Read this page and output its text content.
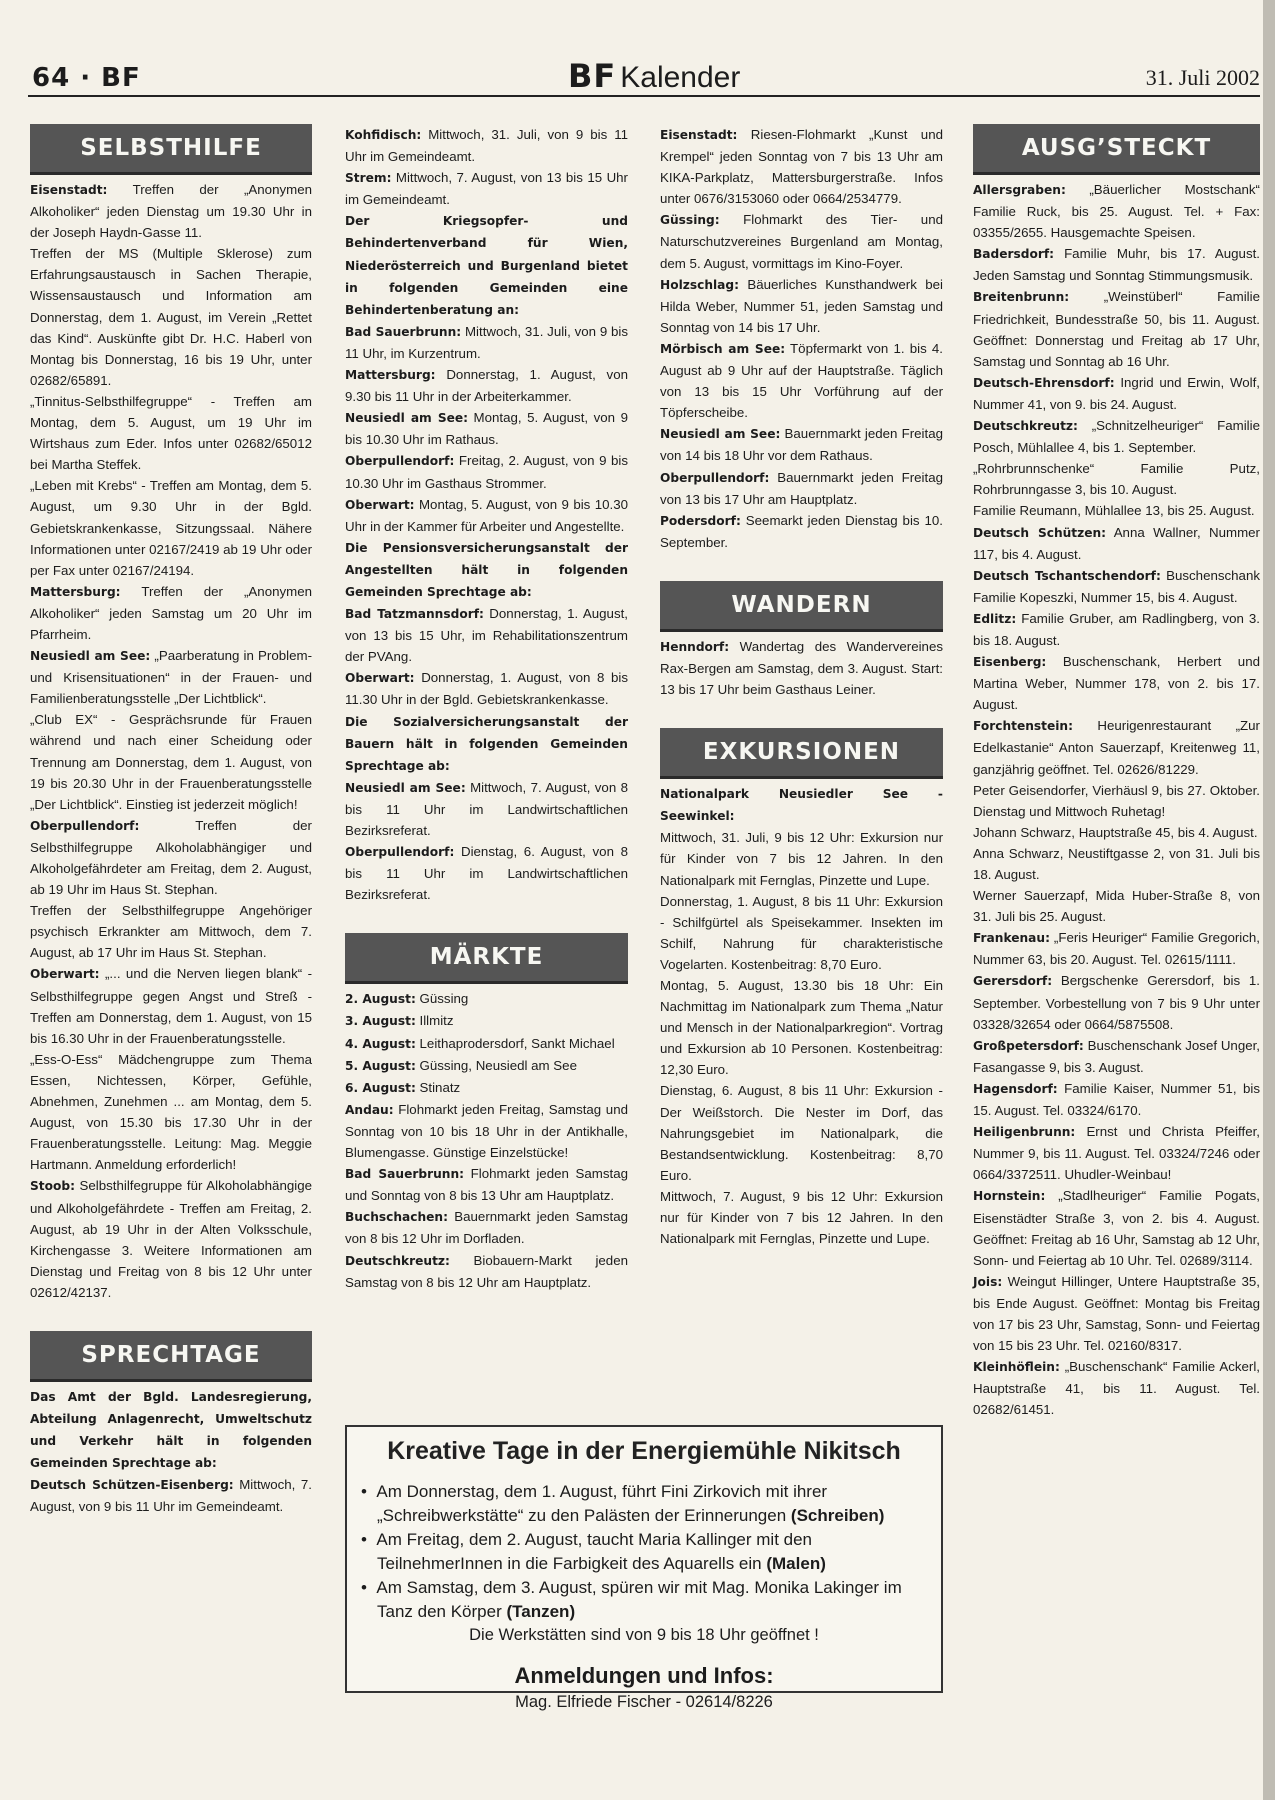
64 · BF	BF Kalender	31. Juli 2002
SELBSTHILFE

Eisenstadt: Treffen der „Anonymen Alkoholiker“ jeden Dienstag um 19.30 Uhr in der Joseph Haydn-Gasse 11.

Treffen der MS (Multiple Sklerose) zum Erfahrungsaustausch in Sachen Therapie, Wissensaustausch und Information am Donnerstag, dem 1. August, im Verein „Rettet das Kind“. Auskünfte gibt Dr. H.C. Haberl von Montag bis Donnerstag, 16 bis 19 Uhr, unter 02682/65891.

„Tinnitus-Selbsthilfegruppe“ - Treffen am Montag, dem 5. August, um 19 Uhr im Wirtshaus zum Eder. Infos unter 02682/65012 bei Martha Steffek.

„Leben mit Krebs“ - Treffen am Montag, dem 5. August, um 9.30 Uhr in der Bgld. Gebietskrankenkasse, Sitzungssaal. Nähere Informationen unter 02167/2419 ab 19 Uhr oder per Fax unter 02167/24194.

Mattersburg: Treffen der „Anonymen Alkoholiker“ jeden Samstag um 20 Uhr im Pfarrheim.

Neusiedl am See: „Paarberatung in Problem- und Krisensituationen“ in der Frauen- und Familienberatungsstelle „Der Lichtblick“.

„Club EX“ - Gesprächsrunde für Frauen während und nach einer Scheidung oder Trennung am Donnerstag, dem 1. August, von 19 bis 20.30 Uhr in der Frauenberatungsstelle „Der Lichtblick“. Einstieg ist jederzeit möglich!

Oberpullendorf:	Treffen der Selbsthilfegruppe Alkoholabhängiger und Alkoholgefährdeter am Freitag, dem 2. August, ab 19 Uhr im Haus St. Stephan.

Treffen der Selbsthilfegruppe Angehöriger psychisch Erkrankter am Mittwoch, dem 7. August, ab 17 Uhr im Haus St. Stephan.

Oberwart: „... und die Nerven liegen blank“ - Selbsthilfegruppe gegen Angst und Streß - Treffen am Donnerstag, dem 1. August, von 15 bis 16.30 Uhr in der Frauenberatungsstelle.

„Ess-O-Ess“ Mädchengruppe zum Thema Essen, Nichtessen, Körper, Gefühle, Abnehmen, Zunehmen ... am Montag, dem 5. August, von 15.30 bis 17.30 Uhr in der Frauenberatungsstelle. Leitung: Mag. Meggie Hartmann. Anmeldung erforderlich!

Stoob: Selbsthilfegruppe für Alkoholabhängige und Alkoholgefährdete - Treffen am Freitag, 2. August, ab 19 Uhr in der Alten Volksschule, Kirchengasse 3. Weitere Informationen am Dienstag und Freitag von 8 bis 12 Uhr unter 02612/42137.

SPRECHTAGE

Das Amt der Bgld. Landesregierung, Abteilung Anlagenrecht, Umweltschutz und Verkehr hält in folgenden Gemeinden Sprechtage ab:

Deutsch Schützen-Eisenberg: Mittwoch, 7. August, von 9 bis 11 Uhr im Gemeindeamt.

Kohfidisch: Mittwoch, 31. Juli, von 9 bis 11 Uhr im Gemeindeamt.

Strem: Mittwoch, 7. August, von 13 bis 15 Uhr im Gemeindeamt.

Der Kriegsopfer- und Behindertenverband für Wien, Niederösterreich und Burgenland bietet in folgenden Gemeinden eine Behindertenberatung an:

Bad Sauerbrunn: Mittwoch, 31. Juli, von 9 bis 11 Uhr, im Kurzentrum.

Mattersburg: Donnerstag, 1. August, von 9.30 bis 11 Uhr in der Arbeiterkammer.

Neusiedl am See: Montag, 5. August, von 9 bis 10.30 Uhr im Rathaus.

Oberpullendorf: Freitag, 2. August, von 9 bis 10.30 Uhr im Gasthaus Strommer.

Oberwart: Montag, 5. August, von 9 bis 10.30 Uhr in der Kammer für Arbeiter und Angestellte.

Die Pensionsversicherungsanstalt der Angestellten hält in folgenden Gemeinden Sprechtage ab:

Bad Tatzmannsdorf: Donnerstag, 1. August, von 13 bis 15 Uhr, im Rehabilitationszentrum der PVAng.

Oberwart: Donnerstag, 1. August, von 8 bis 11.30 Uhr in der Bgld. Gebietskrankenkasse.

Die Sozialversicherungsanstalt der Bauern hält in folgenden Gemeinden Sprechtage ab:

Neusiedl am See: Mittwoch, 7. August, von 8 bis 11 Uhr im Landwirtschaftlichen Bezirksreferat.

Oberpullendorf: Dienstag, 6. August, von 8 bis 11 Uhr im Landwirtschaftlichen Bezirksreferat.

MÄRKTE

2. August: Güssing

3. August: Illmitz

4. August: Leithaprodersdorf, Sankt Michael

5. August: Güssing, Neusiedl am See

6. August: Stinatz

Andau: Flohmarkt jeden Freitag, Samstag und Sonntag von 10 bis 18 Uhr in der Antikhalle, Blumengasse. Günstige Einzelstücke!

Bad Sauerbrunn: Flohmarkt jeden Samstag und Sonntag von 8 bis 13 Uhr am Hauptplatz.

Buchschachen: Bauernmarkt jeden Samstag von 8 bis 12 Uhr im Dorfladen.

Deutschkreutz: Biobauern-Markt jeden Samstag von 8 bis 12 Uhr am Hauptplatz.

Eisenstadt: Riesen-Flohmarkt „Kunst und Krempel“ jeden Sonntag von 7 bis 13 Uhr am KIKA-Parkplatz, Mattersburgerstraße. Infos unter 0676/3153060 oder 0664/2534779.

Güssing: Flohmarkt des Tier- und Naturschutzvereines Burgenland am Montag, dem 5. August, vormittags im Kino-Foyer.

Holzschlag: Bäuerliches Kunsthandwerk bei Hilda Weber, Nummer 51, jeden Samstag und Sonntag von 14 bis 17 Uhr.

Mörbisch am See: Töpfermarkt von 1. bis 4. August ab 9 Uhr auf der Hauptstraße. Täglich von 13 bis 15 Uhr Vorführung auf der Töpferscheibe.

Neusiedl am See: Bauernmarkt jeden Freitag von 14 bis 18 Uhr vor dem Rathaus.

Oberpullendorf: Bauernmarkt jeden Freitag von 13 bis 17 Uhr am Hauptplatz.

Podersdorf: Seemarkt jeden Dienstag bis 10. September.

WANDERN

Henndorf: Wandertag des Wandervereines Rax-Bergen am Samstag, dem 3. August. Start: 13 bis 17 Uhr beim Gasthaus Leiner.

EXKURSIONEN

Nationalpark Neusiedler See - Seewinkel:

Mittwoch, 31. Juli, 9 bis 12 Uhr: Exkursion nur für Kinder von 7 bis 12 Jahren. In den Nationalpark mit Fernglas, Pinzette und Lupe.

Donnerstag, 1. August, 8 bis 11 Uhr: Exkursion - Schilfgürtel als Speisekammer. Insekten im Schilf, Nahrung für charakteristische Vogelarten. Kostenbeitrag: 8,70 Euro.

Montag, 5. August, 13.30 bis 18 Uhr: Ein Nachmittag im Nationalpark zum Thema „Natur und Mensch in der Nationalparkregion“. Vortrag und Exkursion ab 10 Personen. Kostenbeitrag: 12,30 Euro.

Dienstag, 6. August, 8 bis 11 Uhr: Exkursion - Der Weißstorch. Die Nester im Dorf, das Nahrungsgebiet im Nationalpark, die Bestandsentwicklung. Kostenbeitrag: 8,70 Euro.

Mittwoch, 7. August, 9 bis 12 Uhr: Exkursion nur für Kinder von 7 bis 12 Jahren. In den Nationalpark mit Fernglas, Pinzette und Lupe.

AUSG’STECKT

Allersgraben: „Bäuerlicher Mostschank“ Familie Ruck, bis 25. August. Tel. + Fax: 03355/2655. Hausgemachte Speisen.

Badersdorf: Familie Muhr, bis 17. August. Jeden Samstag und Sonntag Stimmungsmusik.

Breitenbrunn:	„Weinstüberl“ Familie Friedrichkeit, Bundesstraße 50, bis 11. August. Geöffnet: Donnerstag und Freitag ab 17 Uhr, Samstag und Sonntag ab 16 Uhr.

Deutsch-Ehrensdorf: Ingrid und Erwin, Wolf, Nummer 41, von 9. bis 24. August.

Deutschkreutz: „Schnitzelheuriger“ Familie Posch, Mühlallee 4, bis 1. September.

„Rohrbrunnschenke“ Familie Putz, Rohrbrunngasse 3, bis 10. August.

Familie Reumann, Mühlallee 13, bis 25. August.

Deutsch Schützen: Anna Wallner, Nummer 117, bis 4. August.

Deutsch Tschantschendorf: Buschenschank Familie Kopeszki, Nummer 15, bis 4. August.

Edlitz: Familie Gruber, am Radlingberg, von 3. bis 18. August.

Eisenberg: Buschenschank, Herbert und Martina Weber, Nummer 178, von 2. bis 17. August.

Forchtenstein: Heurigenrestaurant „Zur Edelkastanie“ Anton Sauerzapf, Kreitenweg 11, ganzjährig geöffnet. Tel. 02626/81229.

Peter Geisendorfer, Vierhäusl 9, bis 27. Oktober. Dienstag und Mittwoch Ruhetag!

Johann Schwarz, Hauptstraße 45, bis 4. August.

Anna Schwarz, Neustiftgasse 2, von 31. Juli bis 18. August.

Werner Sauerzapf, Mida Huber-Straße 8, von 31. Juli bis 25. August.

Frankenau: „Feris Heuriger“ Familie Gregorich, Nummer 63, bis 20. August. Tel. 02615/1111.

Gerersdorf: Bergschenke Gerersdorf, bis 1. September. Vorbestellung von 7 bis 9 Uhr unter 03328/32654 oder 0664/5875508.

Großpetersdorf: Buschenschank Josef Unger, Fasangasse 9, bis 3. August.

Hagensdorf: Familie Kaiser, Nummer 51, bis 15. August. Tel. 03324/6170.

Heiligenbrunn: Ernst und Christa Pfeiffer, Nummer 9, bis 11. August. Tel. 03324/7246 oder 0664/3372511. Uhudler-Weinbau!

Hornstein: „Stadlheuriger“ Familie Pogats, Eisenstädter Straße 3, von 2. bis 4. August. Geöffnet: Freitag ab 16 Uhr, Samstag ab 12 Uhr, Sonn- und Feiertag ab 10 Uhr. Tel. 02689/3114.

Jois: Weingut Hillinger, Untere Hauptstraße 35, bis Ende August. Geöffnet: Montag bis Freitag von 17 bis 23 Uhr, Samstag, Sonn- und Feiertag von 15 bis 23 Uhr. Tel. 02160/8317.

Kleinhöflein: „Buschenschank“ Familie Ackerl, Hauptstraße 41, bis 11. August. Tel. 02682/61451.

Kreative Tage in der Energiemühle Nikitsch
•  Am Donnerstag, dem 1. August, führt Fini Zirkovich mit ihrer „Schreibwerkstätte“ zu den Palästen der Erinnerungen (Schreiben)
•  Am Freitag, dem 2. August, taucht Maria Kallinger mit den TeilnehmerInnen in die Farbigkeit des Aquarells ein (Malen)
•  Am Samstag, dem 3. August, spüren wir mit Mag. Monika Lakinger im Tanz den Körper (Tanzen)
Die Werkstätten sind von 9 bis 18 Uhr geöffnet !
Anmeldungen und Infos:
Mag. Elfriede Fischer - 02614/8226
